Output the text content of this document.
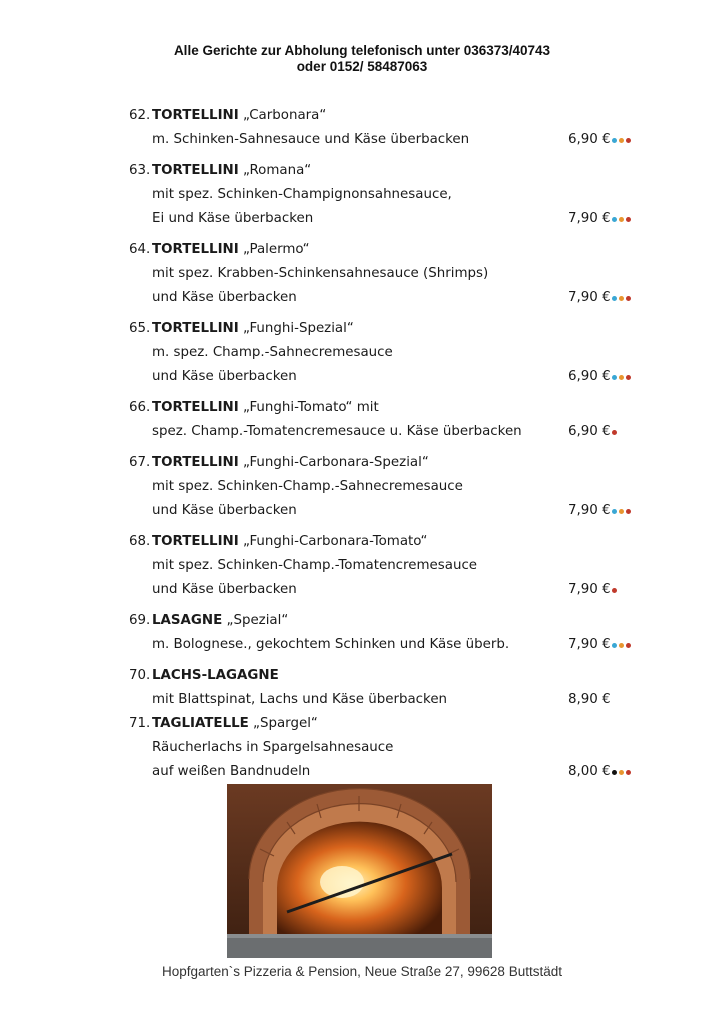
Alle Gerichte zur Abholung telefonisch unter 036373/40743
oder 0152/ 58487063
62. TORTELLINI „Carbonara“
m. Schinken-Sahnesauce und Käse überbacken	6,90 €
63. TORTELLINI „Romana“
mit spez. Schinken-Champignonsahnesauce,
Ei und Käse überbacken	7,90 €
64. TORTELLINI „Palermo“
mit spez. Krabben-Schinkensahnesauce (Shrimps)
und Käse überbacken	7,90 €
65. TORTELLINI „Funghi-Spezial“
m. spez. Champ.-Sahnecremesauce
und Käse überbacken	6,90 €
66. TORTELLINI „Funghi-Tomato“ mit
spez. Champ.-Tomatencremesauce u. Käse überbacken	6,90 €
67. TORTELLINI „Funghi-Carbonara-Spezial“
mit spez. Schinken-Champ.-Sahnecremesauce
und Käse überbacken	7,90 €
68. TORTELLINI „Funghi-Carbonara-Tomato“
mit spez. Schinken-Champ.-Tomatencremesauce
und Käse überbacken	7,90 €
69. LASAGNE „Spezial“
m. Bolognese., gekochtem Schinken und Käse überb.	7,90 €
70. LACHS-LAGAGNE
mit Blattspinat, Lachs und Käse überbacken	8,90 €
71. TAGLIATELLE „Spargel“
Räucherlachs in Spargelsahnesauce
auf weißen Bandnudeln	8,00 €
Hopfgarten`s Pizzeria & Pension, Neue Straße 27, 99628 Buttstädt
